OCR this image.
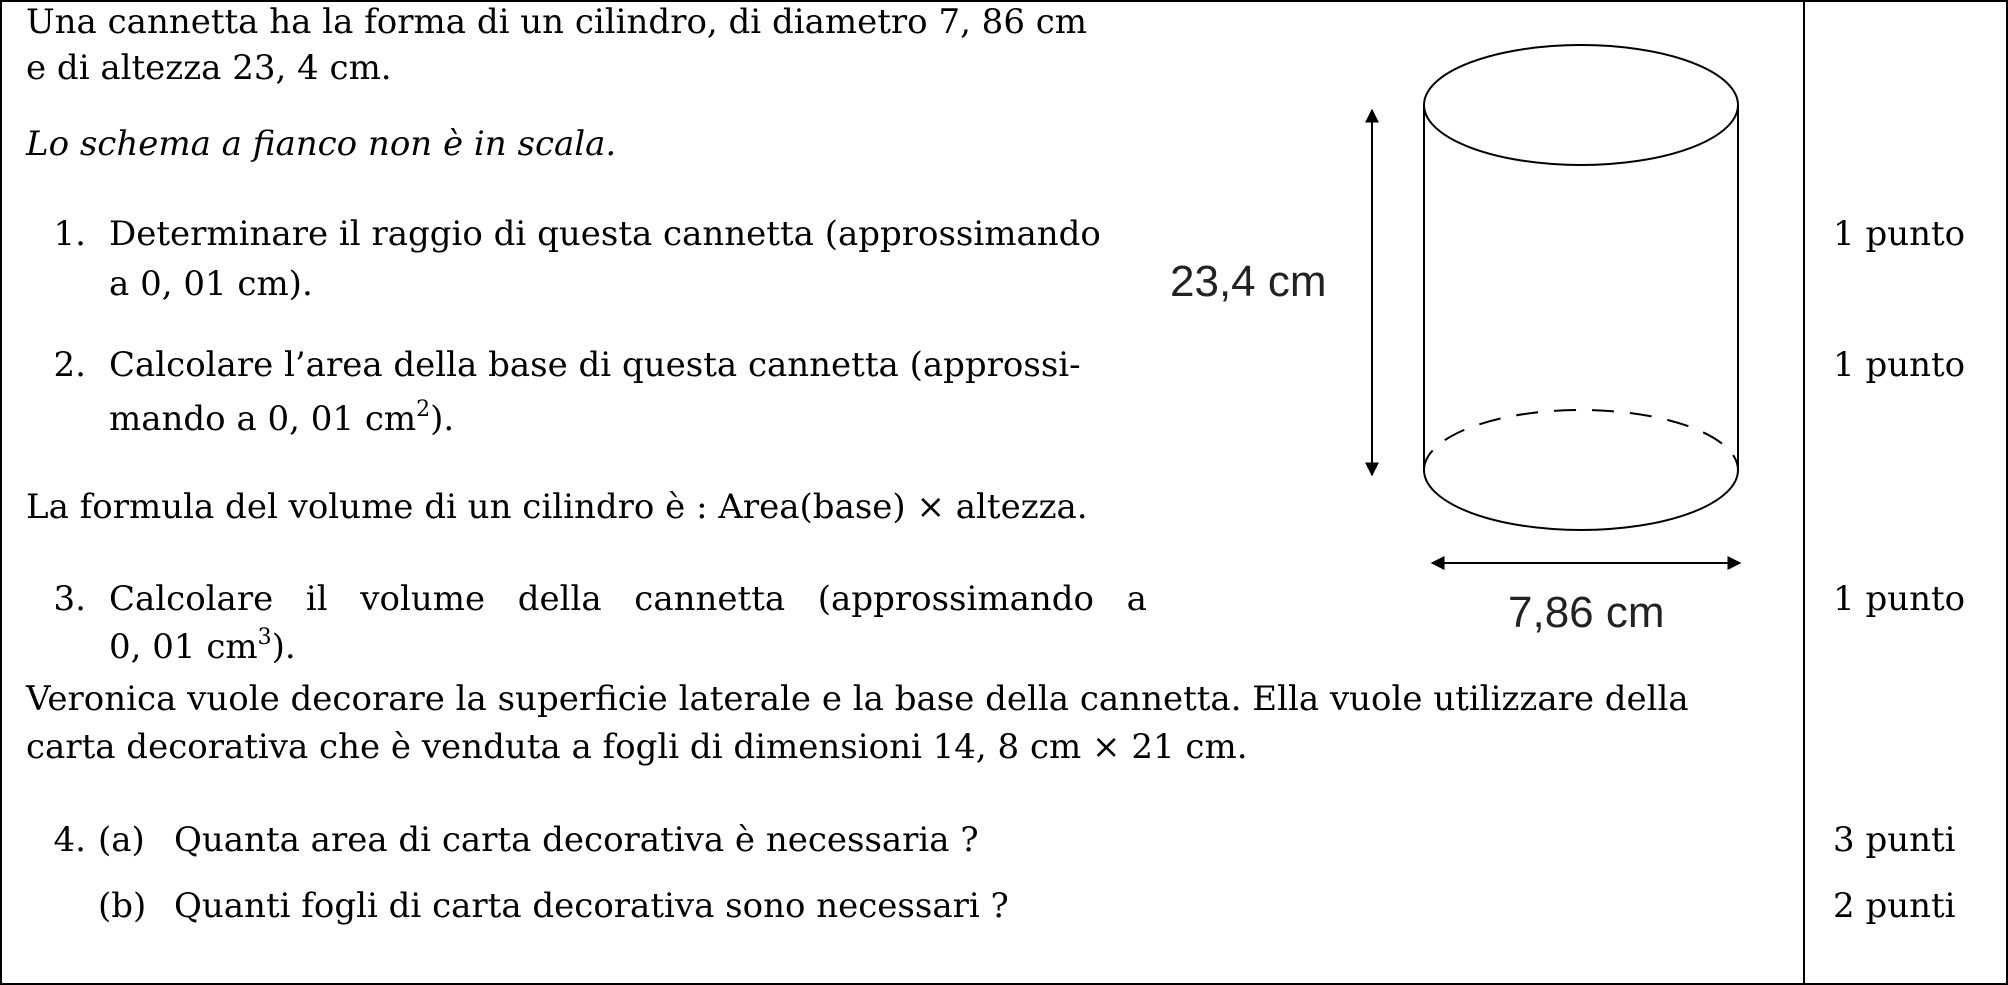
Una cannetta ha la forma di un cilindro, di diametro 7, 86 cm
e di altezza 23, 4 cm.
Lo schema a fianco non è in scala.
1. Determinare il raggio di questa cannetta (approssimando
a 0, 01 cm).
2. Calcolare l’area della base di questa cannetta (approssi-
mando a 0, 01 $cm^2$).
La formula del volume di un cilindro è : Area(base) × altezza.
3. Calcolare il volume della cannetta (approssimando a
0, 01 $cm^3$).
Veronica vuole decorare la superficie laterale e la base della cannetta. Ella vuole utilizzare della
carta decorativa che è venduta a fogli di dimensioni 14, 8 cm × 21 cm.
4. (a) Quanta area di carta decorativa è necessaria ?
(b) Quanti fogli di carta decorativa sono necessari ?
1 punto
1 punto
1 punto
3 punti
2 punti
23,4 cm
7,86 cm
